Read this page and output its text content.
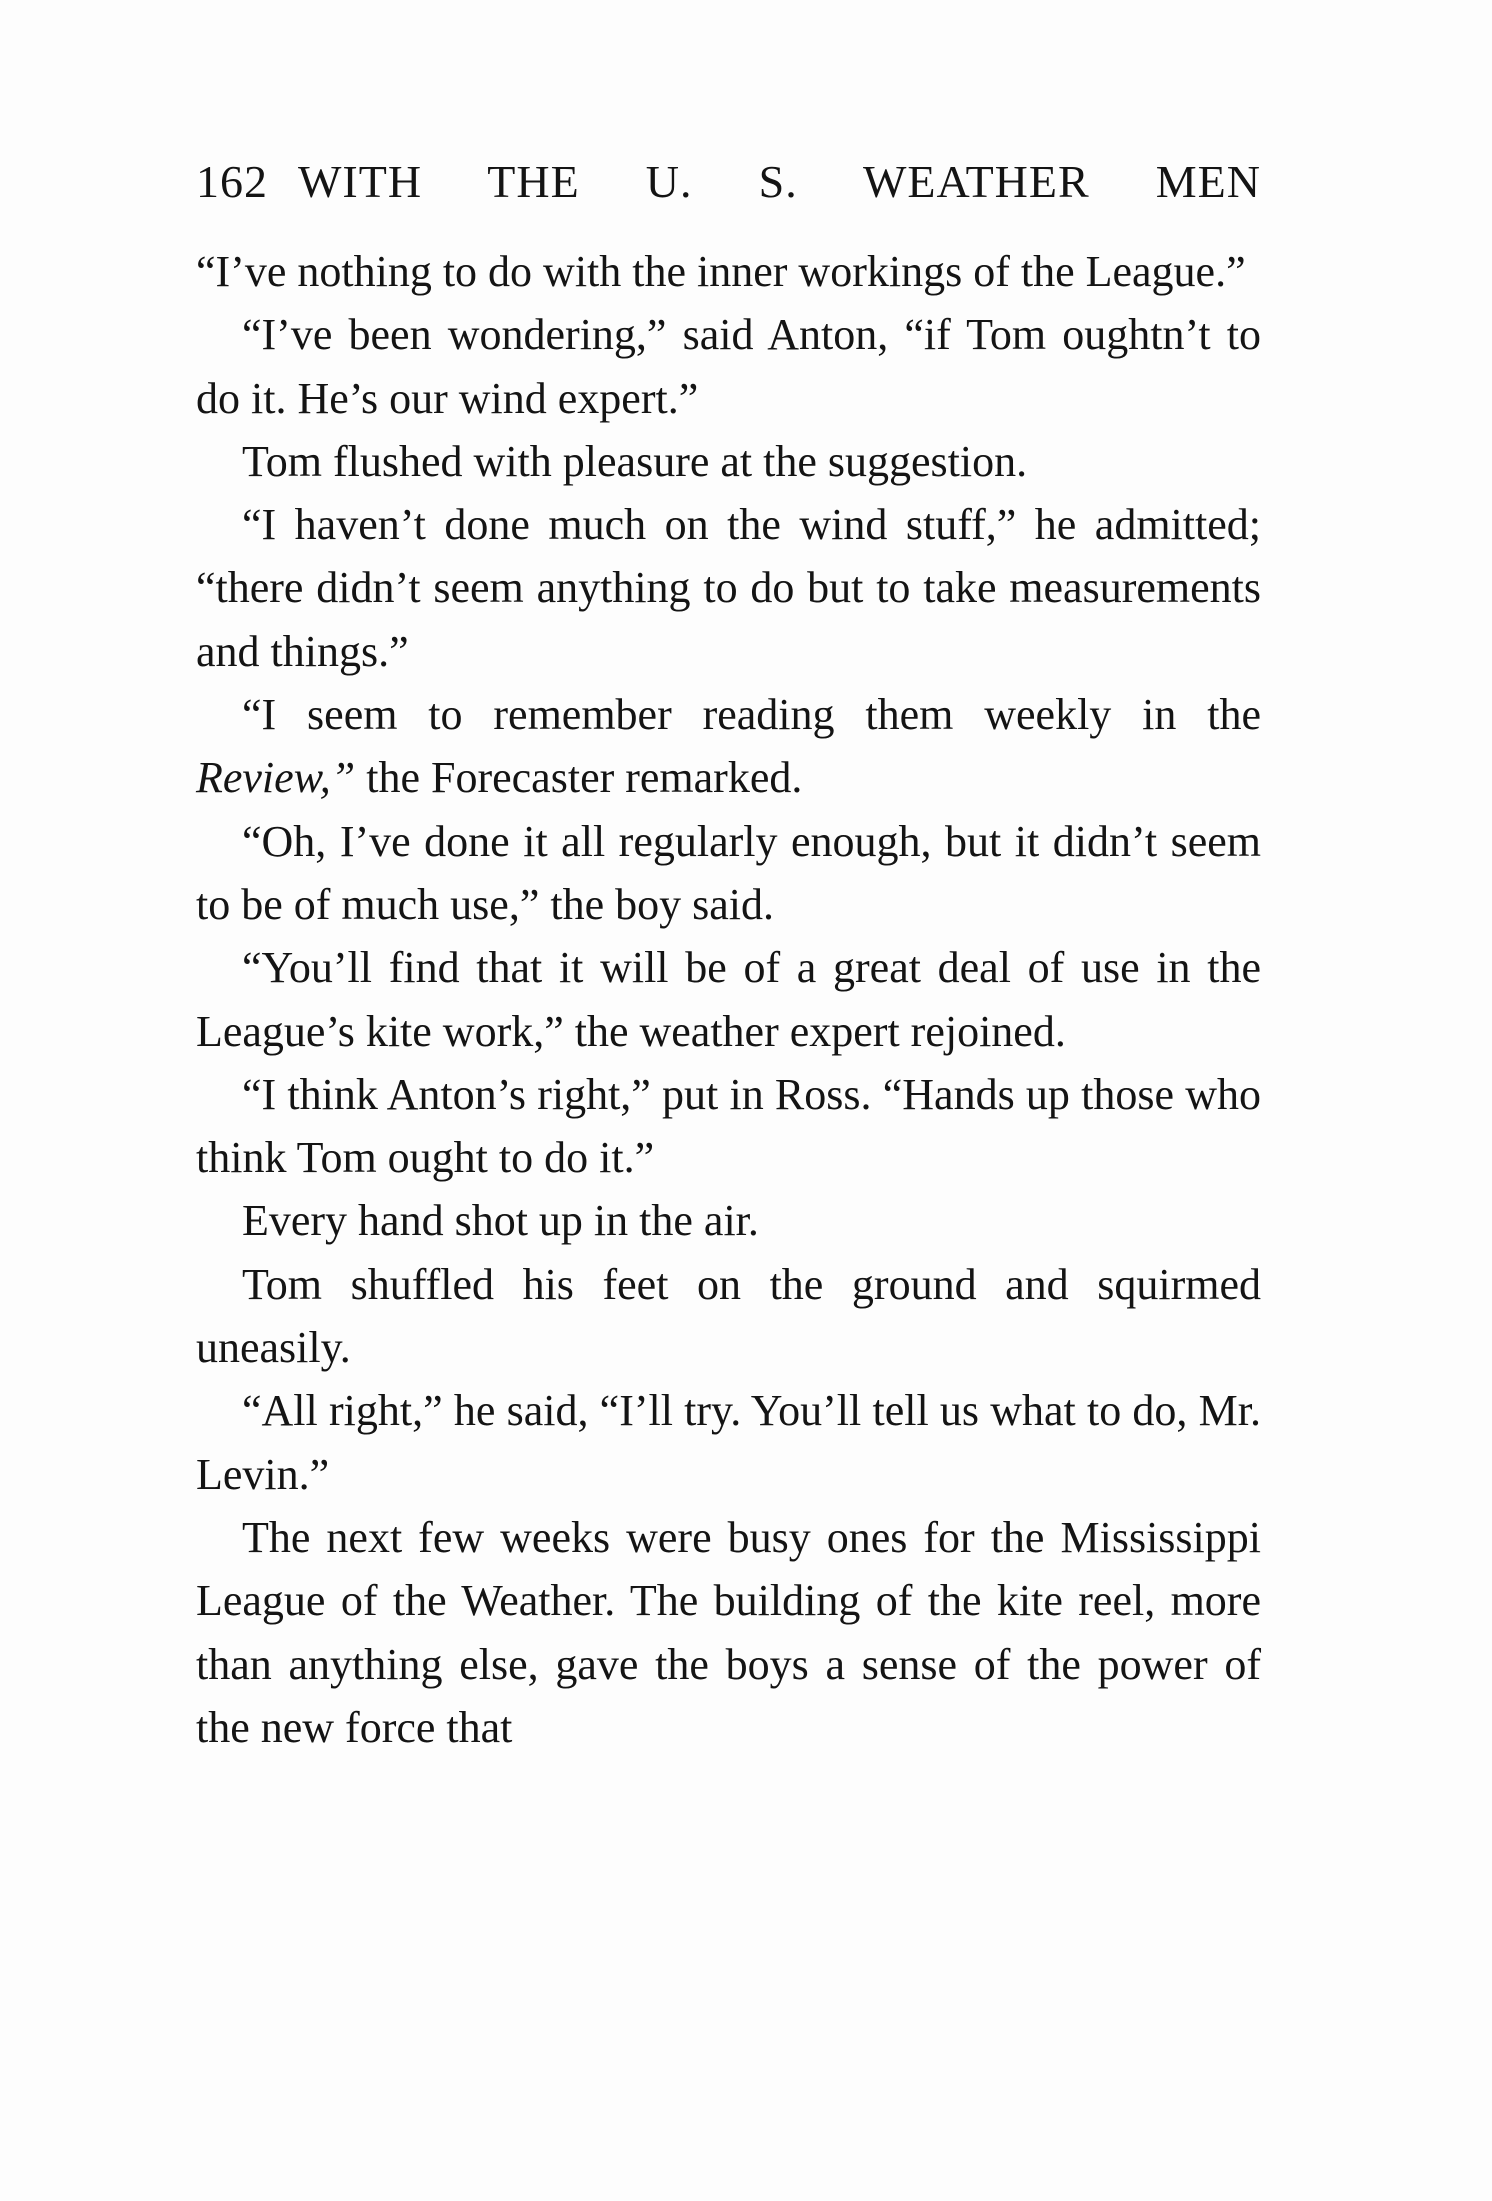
162 WITH THE U. S. WEATHER MEN

“I’ve nothing to do with the inner workings of the League.”

“I’ve been wondering,” said Anton, “if Tom oughtn’t to do it. He’s our wind expert.”

Tom flushed with pleasure at the suggestion.

“I haven’t done much on the wind stuff,” he admitted; “there didn’t seem anything to do but to take measurements and things.”

“I seem to remember reading them weekly in the Review,” the Forecaster remarked.

“Oh, I’ve done it all regularly enough, but it didn’t seem to be of much use,” the boy said.

“You’ll find that it will be of a great deal of use in the League’s kite work,” the weather expert rejoined.

“I think Anton’s right,” put in Ross. “Hands up those who think Tom ought to do it.”

Every hand shot up in the air.

Tom shuffled his feet on the ground and squirmed uneasily.

“All right,” he said, “I’ll try. You’ll tell us what to do, Mr. Levin.”

The next few weeks were busy ones for the Mississippi League of the Weather. The building of the kite reel, more than anything else, gave the boys a sense of the power of the new force that
